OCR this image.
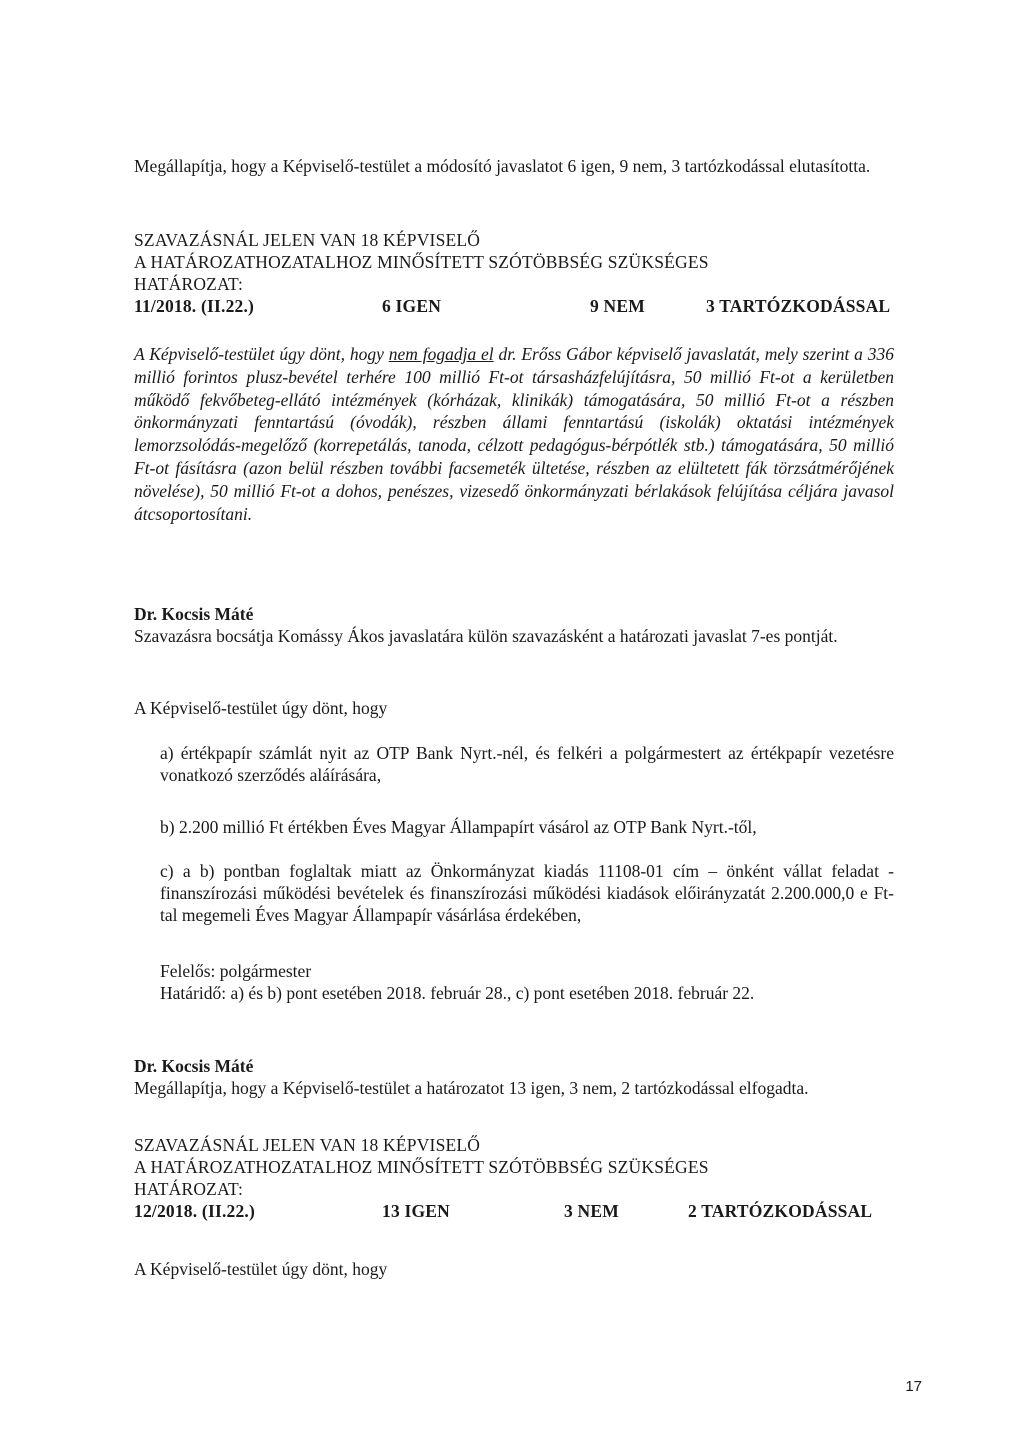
Megállapítja, hogy a Képviselő-testület a módosító javaslatot 6 igen, 9 nem, 3 tartózkodással elutasította.

SZAVAZÁSNÁL JELEN VAN 18 KÉPVISELŐ
A HATÁROZATHOZATALHOZ MINŐSÍTETT SZÓTÖBBSÉG SZÜKSÉGES
HATÁROZAT:
11/2018. (II.22.)	6 IGEN	9 NEM	3 TARTÓZKODÁSSAL

A Képviselő-testület úgy dönt, hogy nem fogadja el dr. Erőss Gábor képviselő javaslatát, mely szerint a 336 millió forintos plusz-bevétel terhére 100 millió Ft-ot társasházfelújításra, 50 millió Ft-ot a kerületben működő fekvőbeteg-ellátó intézmények (kórházak, klinikák) támogatására, 50 millió Ft-ot a részben önkormányzati fenntartású (óvodák), részben állami fenntartású (iskolák) oktatási intézmények lemorzsolódás-megelőző (korrepetálás, tanoda, célzott pedagógus-bérpótlék stb.) támogatására, 50 millió Ft-ot fásításra (azon belül részben további facsemeték ültetése, részben az elültetett fák törzsátmérőjének növelése), 50 millió Ft-ot a dohos, penészes, vizesedő önkormányzati bérlakások felújítása céljára javasol átcsoportosítani.

Dr. Kocsis Máté

Szavazásra bocsátja Komássy Ákos javaslatára külön szavazásként a határozati javaslat 7-es pontját.

A Képviselő-testület úgy dönt, hogy

a) értékpapír számlát nyit az OTP Bank Nyrt.-nél, és felkéri a polgármestert az értékpapír vezetésre vonatkozó szerződés aláírására,

b) 2.200 millió Ft értékben Éves Magyar Állampapírt vásárol az OTP Bank Nyrt.-től,

c) a b) pontban foglaltak miatt az Önkormányzat kiadás 11108-01 cím – önként vállat feladat - finanszírozási működési bevételek és finanszírozási működési kiadások előirányzatát 2.200.000,0 e Ft-tal megemeli Éves Magyar Állampapír vásárlása érdekében,

Felelős: polgármester
Határidő: a) és b) pont esetében 2018. február 28., c) pont esetében 2018. február 22.
Dr. Kocsis Máté

Megállapítja, hogy a Képviselő-testület a határozatot 13 igen, 3 nem, 2 tartózkodással elfogadta.

SZAVAZÁSNÁL JELEN VAN 18 KÉPVISELŐ
A HATÁROZATHOZATALHOZ MINŐSÍTETT SZÓTÖBBSÉG SZÜKSÉGES
HATÁROZAT:
12/2018. (II.22.)	13 IGEN	3 NEM	2 TARTÓZKODÁSSAL

A Képviselő-testület úgy dönt, hogy

17
